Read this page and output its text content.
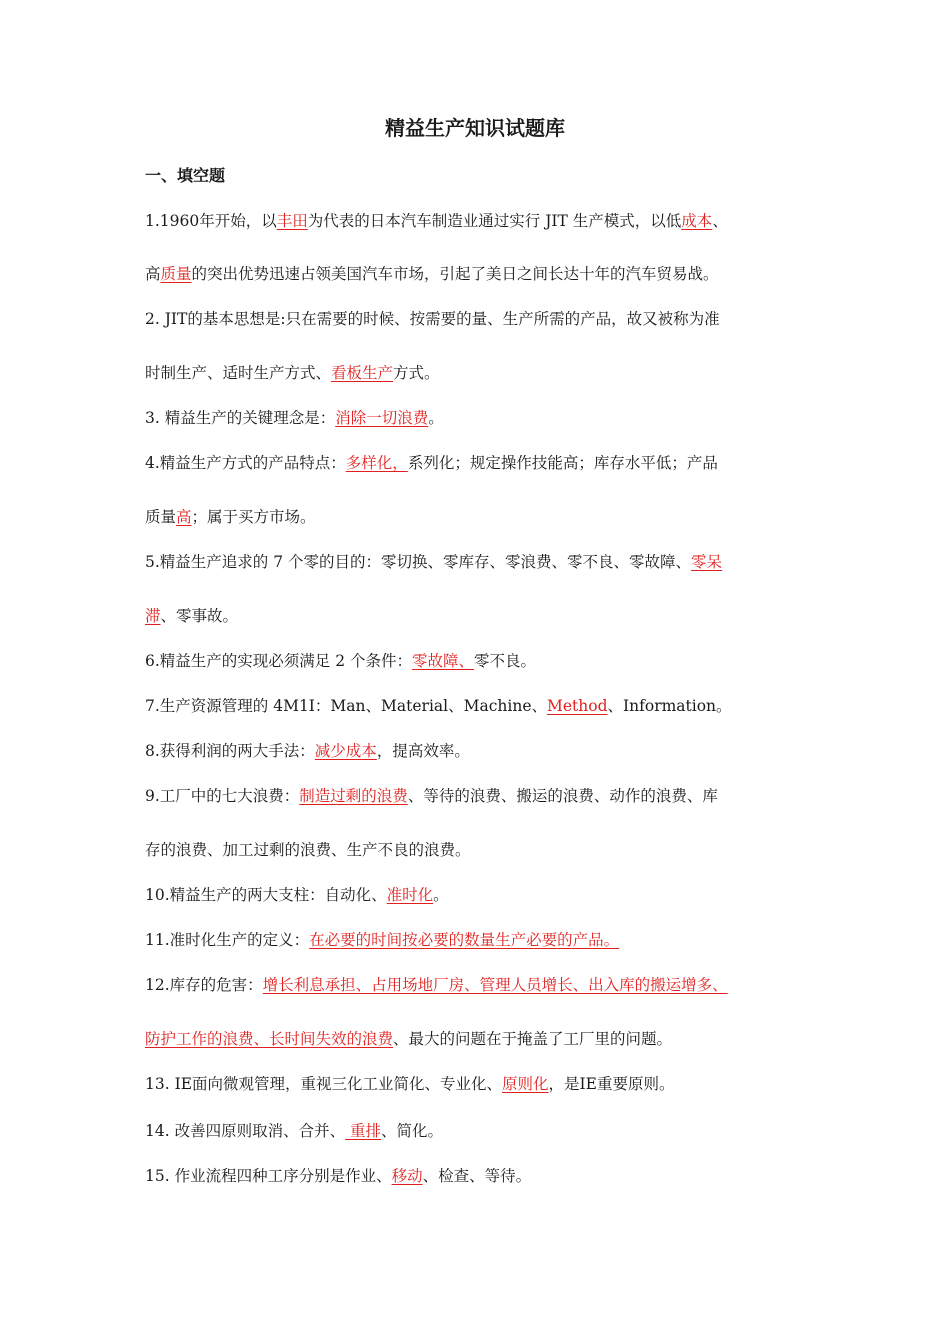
精益生产知识试题库
一、填空题
1.1960年开始，以丰田为代表的日本汽车制造业通过实行 JIT 生产模式，以低成本、
高质量的突出优势迅速占领美国汽车市场，引起了美日之间长达十年的汽车贸易战。
2. JIT的基本思想是:只在需要的时候、按需要的量、生产所需的产品，故又被称为准
时制生产、适时生产方式、看板生产方式。
3. 精益生产的关键理念是：消除一切浪费。
4.精益生产方式的产品特点：多样化，系列化；规定操作技能高；库存水平低；产品
质量高；属于买方市场。
5.精益生产追求的 7 个零的目的：零切换、零库存、零浪费、零不良、零故障、零呆
滞、零事故。
6.精益生产的实现必须满足 2 个条件：零故障、零不良。
7.生产资源管理的 4M1I：Man、Material、Machine、Method、Information。
8.获得利润的两大手法：减少成本，提高效率。
9.工厂中的七大浪费：制造过剩的浪费、等待的浪费、搬运的浪费、动作的浪费、库
存的浪费、加工过剩的浪费、生产不良的浪费。
10.精益生产的两大支柱：自动化、准时化。
11.准时化生产的定义：在必要的时间按必要的数量生产必要的产品。
12.库存的危害：增长利息承担、占用场地厂房、管理人员增长、出入库的搬运增多、
防护工作的浪费、长时间失效的浪费、最大的问题在于掩盖了工厂里的问题。
13. IE面向微观管理，重视三化工业简化、专业化、原则化，是IE重要原则。
14. 改善四原则取消、合并、 重排、简化。
15. 作业流程四种工序分别是作业、移动、检查、等待。
